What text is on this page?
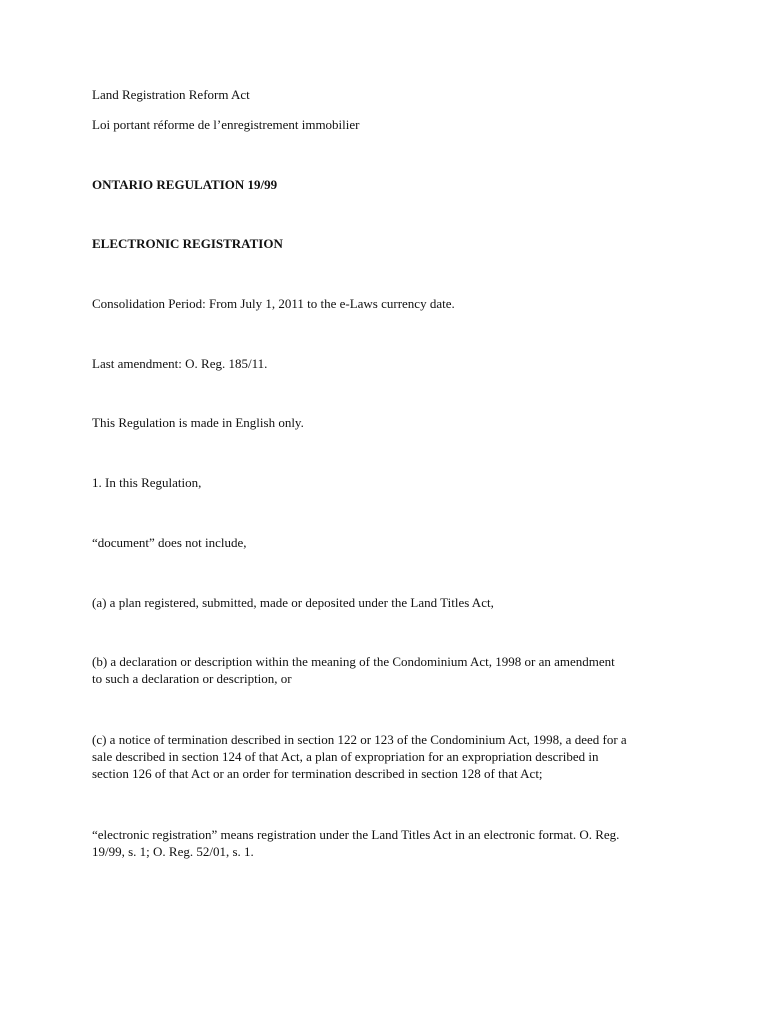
Land Registration Reform Act

Loi portant réforme de l’enregistrement immobilier

ONTARIO REGULATION 19/99

ELECTRONIC REGISTRATION

Consolidation Period: From July 1, 2011 to the e-Laws currency date.

Last amendment: O. Reg. 185/11.

This Regulation is made in English only.

1. In this Regulation,

“document” does not include,

(a) a plan registered, submitted, made or deposited under the Land Titles Act,

(b) a declaration or description within the meaning of the Condominium Act, 1998 or an amendment

to such a declaration or description, or

(c) a notice of termination described in section 122 or 123 of the Condominium Act, 1998, a deed for a

sale described in section 124 of that Act, a plan of expropriation for an expropriation described in

section 126 of that Act or an order for termination described in section 128 of that Act;

“electronic registration” means registration under the Land Titles Act in an electronic format. O. Reg.

19/99, s. 1; O. Reg. 52/01, s. 1.
